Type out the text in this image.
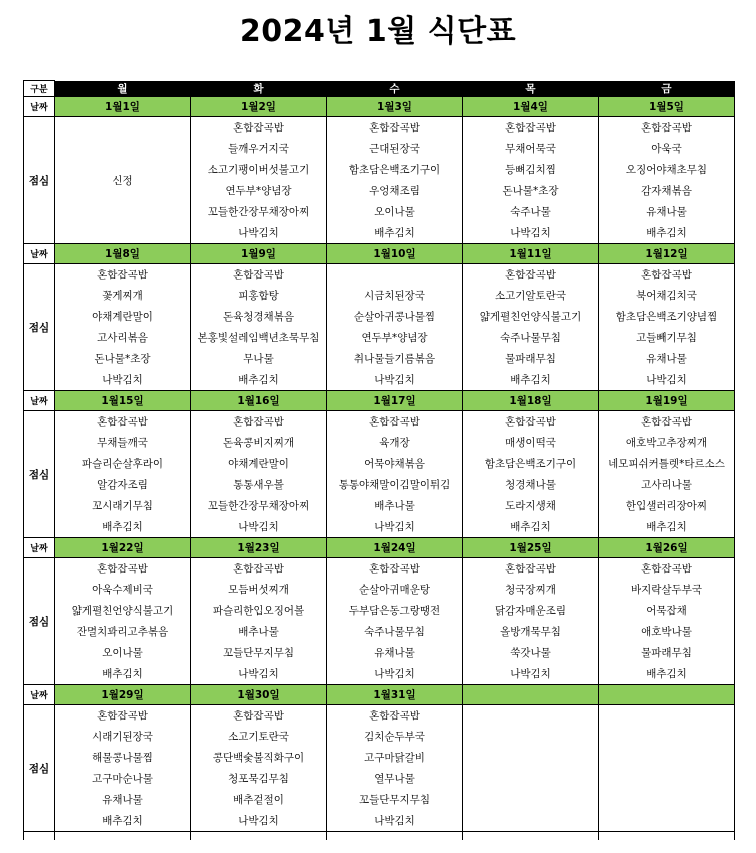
2024년 1월 식단표
구분	월	화	수	목	금
날짜	1월1일	1월2일	1월3일	1월4일	1월5일
점심	신정	혼합잡곡밥	혼합잡곡밥	혼합잡곡밥	혼합잡곡밥
		들깨우거지국	근대된장국	무채어묵국	아욱국
		소고기팽이버섯불고기	함초담은백조기구이	등뼈김치찜	오징어야채초무침
		연두부*양념장	우엉채조림	돈나물*초장	감자채볶음
		꼬들한간장무채장아찌	오이나물	숙주나물	유채나물
		나박김치	배추김치	나박김치	배추김치
날짜	1월8일	1월9일	1월10일	1월11일	1월12일
점심	혼합잡곡밥	혼합잡곡밥		혼합잡곡밥	혼합잡곡밥
	꽃게찌개	피홍합탕	시금치된장국	소고기알토란국	북어채김치국
	야채계란말이	돈육청경채볶음	순살아귀콩나물찜	얇게펼친언양식불고기	함초담은백조기양념찜
	고사리볶음	본홍빛설레임백년초묵무침	연두부*양념장	숙주나물무침	고들빼기무침
	돈나물*초장	무나물	취나물들기름볶음	물파래무침	유채나물
	나박김치	배추김치	나박김치	배추김치	나박김치
날짜	1월15일	1월16일	1월17일	1월18일	1월19일
점심	혼합잡곡밥	혼합잡곡밥	혼합잡곡밥	혼합잡곡밥	혼합잡곡밥
	무채들깨국	돈육콩비지찌개	육개장	매생이떡국	애호박고추장찌개
	파슬리순살후라이	야채계란말이	어묵야채볶음	함초담은백조기구이	네모피쉬커틀렛*타르소스
	알감자조림	통통새우볼	통통야채말이김말이튀김	청경채나물	고사리나물
	꼬시래기무침	꼬들한간장무채장아찌	배추나물	도라지생채	한입샐러리장아찌
	배추김치	나박김치	나박김치	배추김치	배추김치
날짜	1월22일	1월23일	1월24일	1월25일	1월26일
점심	혼합잡곡밥	혼합잡곡밥	혼합잡곡밥	혼합잡곡밥	혼합잡곡밥
	아욱수제비국	모듬버섯찌개	순살아귀매운탕	청국장찌개	바지락살두부국
	얇게펼친언양식불고기	파슬리한입오징어볼	두부담은동그랑땡전	닭감자매운조림	어묵잡채
	잔멸치꽈리고추볶음	배추나물	숙주나물무침	올방개묵무침	애호박나물
	오이나물	꼬들단무지무침	유채나물	쑥갓나물	물파래무침
	배추김치	나박김치	나박김치	나박김치	배추김치
날짜	1월29일	1월30일	1월31일		
점심	혼합잡곡밥	혼합잡곡밥	혼합잡곡밥		
	시래기된장국	소고기토란국	김치순두부국		
	해물콩나물찜	콩단백숯불직화구이	고구마닭갈비		
	고구마순나물	청포묵김무침	열무나물		
	유채나물	배추겉절이	꼬들단무지무침		
	배추김치	나박김치	나박김치		
